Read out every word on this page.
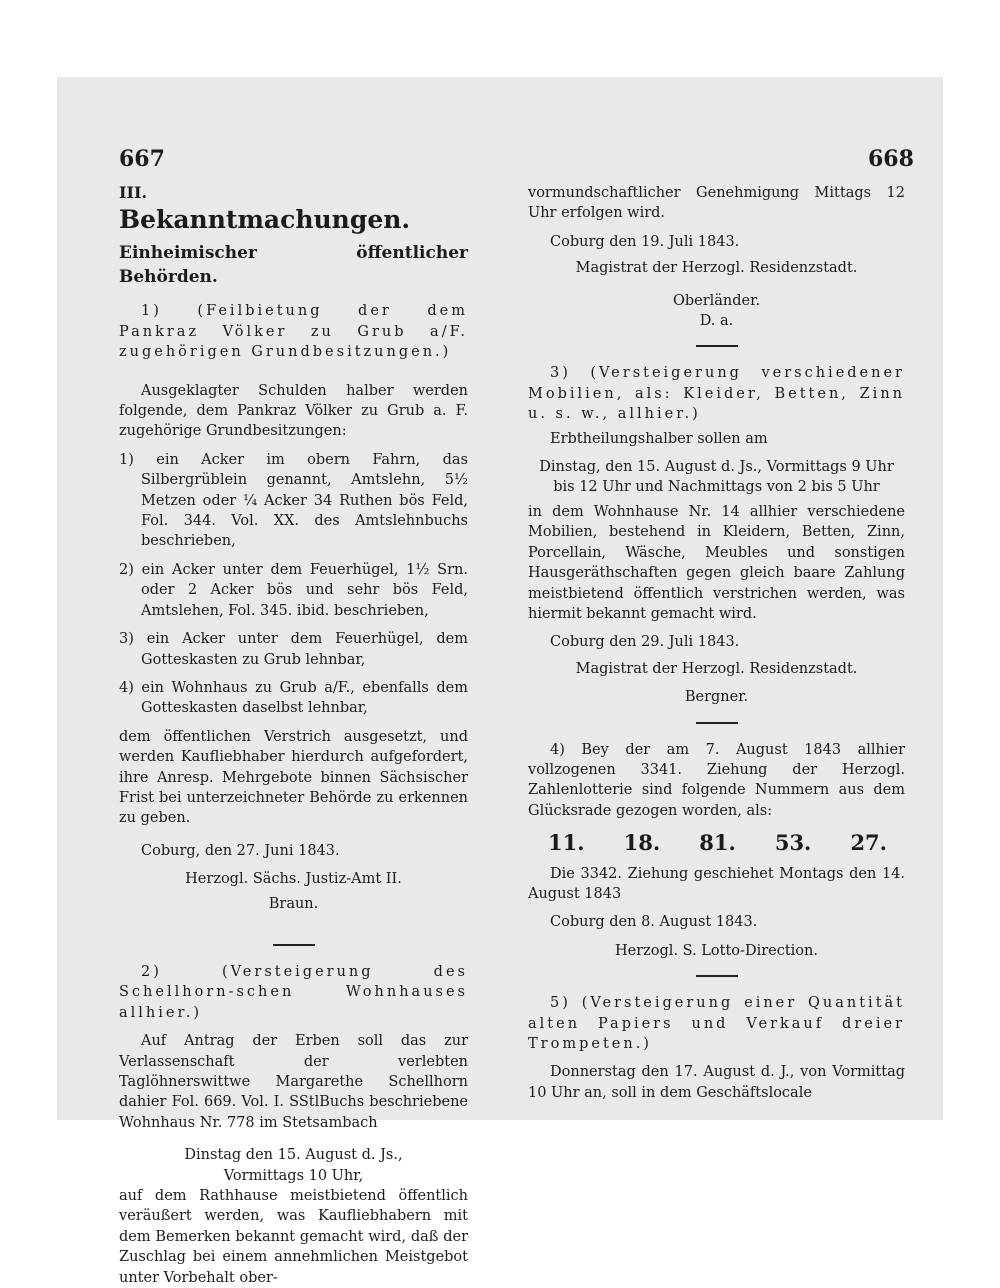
667	668

III.

Bekanntmachungen.

Einheimischer öffentlicher Behörden.

1) (Feilbietung der dem Pankraz Völker zu Grub a/F. zugehörigen Grundbesitzungen.)

Ausgeklagter Schulden halber werden folgende, dem Pankraz Völker zu Grub a. F. zugehörige Grundbesitzungen:

1) ein Acker im obern Fahrn, das Silbergrüblein genannt, Amtslehn, 5½ Metzen oder ¼ Acker 34 Ruthen bös Feld, Fol. 344. Vol. XX. des Amtslehnbuchs beschrieben,

2) ein Acker unter dem Feuerhügel, 1½ Srn. oder 2 Acker bös und sehr bös Feld, Amtslehen, Fol. 345. ibid. beschrieben,

3) ein Acker unter dem Feuerhügel, dem Gotteskasten zu Grub lehnbar,

4) ein Wohnhaus zu Grub a/F., ebenfalls dem Gotteskasten daselbst lehnbar,

dem öffentlichen Verstrich ausgesetzt, und werden Kaufliebhaber hierdurch aufgefordert, ihre Anresp. Mehrgebote binnen Sächsischer Frist bei unterzeichneter Behörde zu erkennen zu geben.

Coburg, den 27. Juni 1843.

Herzogl. Sächs. Justiz-Amt II.

Braun.

2) (Versteigerung des Schellhorn-schen Wohnhauses allhier.)

Auf Antrag der Erben soll das zur Verlassenschaft der verlebten Taglöhnerswittwe Margarethe Schellhorn dahier Fol. 669. Vol. I. SStlBuchs beschriebene Wohnhaus Nr. 778 im Stetsambach

Dinstag den 15. August d. Js.,

Vormittags 10 Uhr,

auf dem Rathhause meistbietend öffentlich veräußert werden, was Kaufliebhabern mit dem Bemerken bekannt gemacht wird, daß der Zuschlag bei einem annehmlichen Meistgebot unter Vorbehalt ober-

vormundschaftlicher Genehmigung Mittags 12 Uhr erfolgen wird.

Coburg den 19. Juli 1843.

Magistrat der Herzogl. Residenzstadt.

Oberländer.

D. a.

3) (Versteigerung verschiedener Mobilien, als: Kleider, Betten, Zinn u. s. w., allhier.)

Erbtheilungshalber sollen am

Dinstag, den 15. August d. Js., Vormittags 9 Uhr bis 12 Uhr und Nachmittags von 2 bis 5 Uhr

in dem Wohnhause Nr. 14 allhier verschiedene Mobilien, bestehend in Kleidern, Betten, Zinn, Porcellain, Wäsche, Meubles und sonstigen Hausgeräthschaften gegen gleich baare Zahlung meistbietend öffentlich verstrichen werden, was hiermit bekannt gemacht wird.

Coburg den 29. Juli 1843.

Magistrat der Herzogl. Residenzstadt.

Bergner.

4) Bey der am 7. August 1843 allhier vollzogenen 3341. Ziehung der Herzogl. Zahlenlotterie sind folgende Nummern aus dem Glücksrade gezogen worden, als:

11. 18. 81. 53. 27.

Die 3342. Ziehung geschiehet Montags den 14. August 1843

Coburg den 8. August 1843.

Herzogl. S. Lotto-Direction.

5) (Versteigerung einer Quantität alten Papiers und Verkauf dreier Trompeten.)

Donnerstag den 17. August d. J., von Vormittag 10 Uhr an, soll in dem Geschäftslocale
